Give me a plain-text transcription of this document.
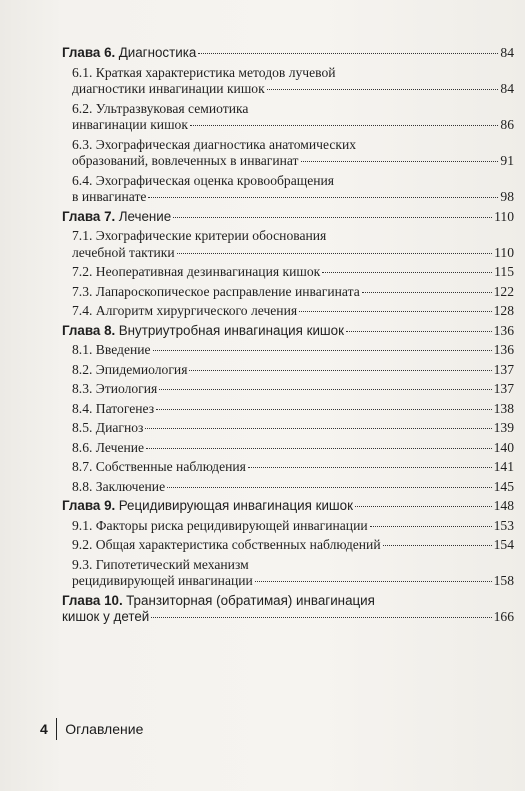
Глава 6. Диагностика	84
6.1. Краткая характеристика методов лучевой
диагностики инвагинации кишок	84
6.2. Ультразвуковая семиотика
инвагинации кишок	86
6.3. Эхографическая диагностика анатомических
образований, вовлеченных в инвагинат	91
6.4. Эхографическая оценка кровообращения
в инвагинате	98
Глава 7. Лечение	110
7.1. Эхографические критерии обоснования
лечебной тактики	110
7.2. Неоперативная дезинвагинация кишок	115
7.3. Лапароскопическое расправление инвагината	122
7.4. Алгоритм хирургического лечения	128
Глава 8. Внутриутробная инвагинация кишок	136
8.1. Введение	136
8.2. Эпидемиология	137
8.3. Этиология	137
8.4. Патогенез	138
8.5. Диагноз	139
8.6. Лечение	140
8.7. Собственные наблюдения	141
8.8. Заключение	145
Глава 9. Рецидивирующая инвагинация кишок	148
9.1. Факторы риска рецидивирующей инвагинации	153
9.2. Общая характеристика собственных наблюдений	154
9.3. Гипотетический механизм
рецидивирующей инвагинации	158
Глава 10. Транзиторная (обратимая) инвагинация
кишок у детей	166
4 Оглавление
